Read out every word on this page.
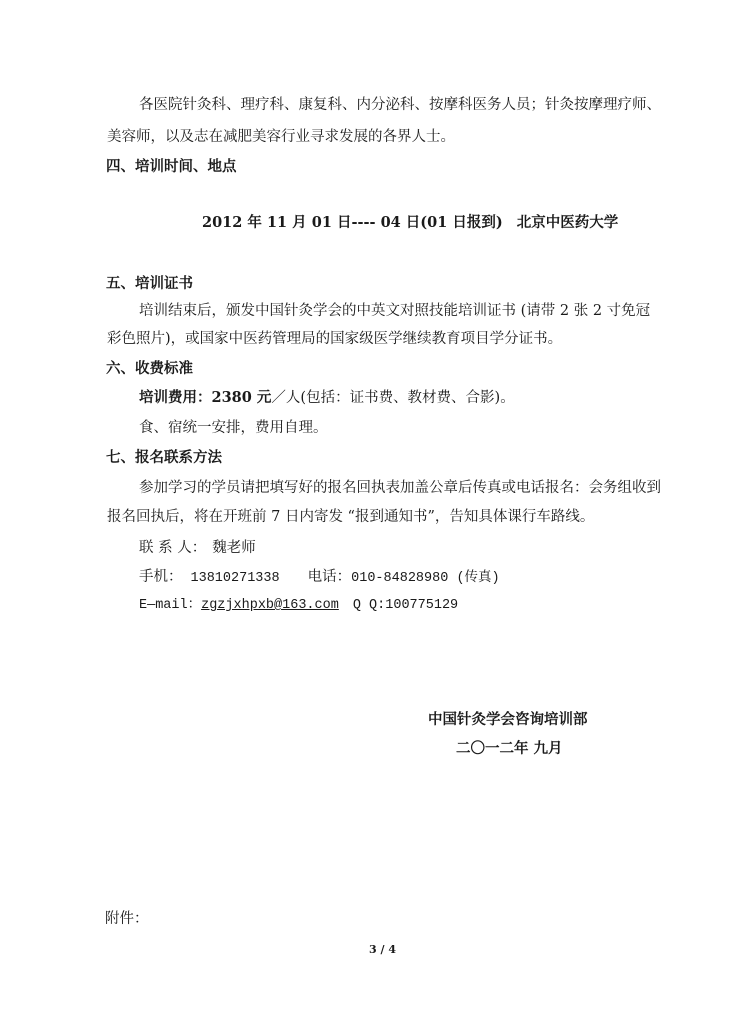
各医院针灸科、理疗科、康复科、内分泌科、按摩科医务人员；针灸按摩理疗师、
美容师，以及志在减肥美容行业寻求发展的各界人士。
四、培训时间、地点
2012 年 11 月 01 日---- 04 日(01 日报到) 北京中医药大学
五、培训证书
培训结束后，颁发中国针灸学会的中英文对照技能培训证书 (请带 2 张 2 寸免冠
彩色照片)，或国家中医药管理局的国家级医学继续教育项目学分证书。
六、收费标准
培训费用：2380 元／人(包括：证书费、教材费、合影)。
食、宿统一安排，费用自理。
七、报名联系方法
参加学习的学员请把填写好的报名回执表加盖公章后传真或电话报名：会务组收到
报名回执后，将在开班前 7 日内寄发 “报到通知书”，告知具体课行车路线。
联 系 人： 魏老师
手机： 13810271338 电话：010-84828980 (传真)
E—mail：zgzjxhpxb@163.com Q Q:100775129
中国针灸学会咨询培训部
二〇一二年 九月
附件：
3 / 4
